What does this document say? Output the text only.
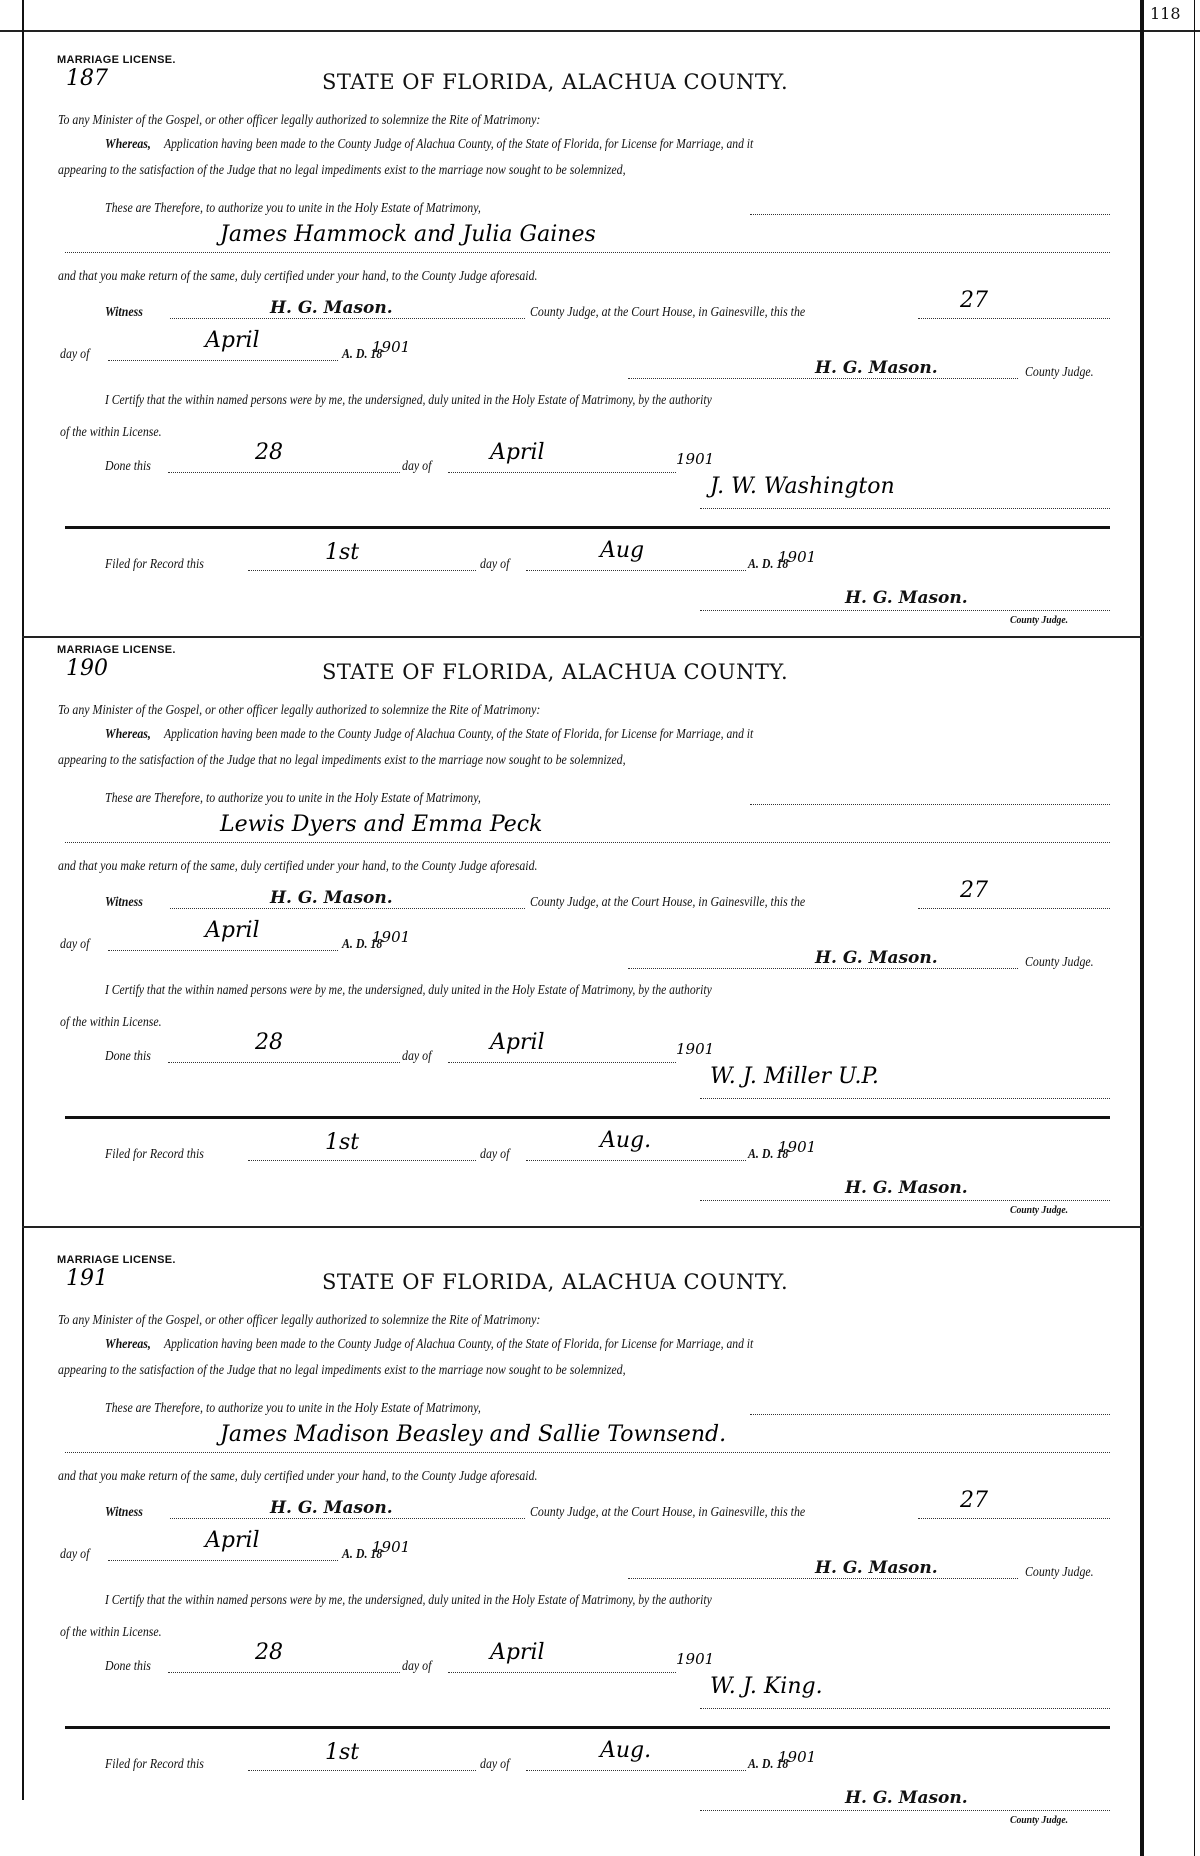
118
MARRIAGE LICENSE.
187	STATE OF FLORIDA, ALACHUA COUNTY.
To any Minister of the Gospel, or other officer legally authorized to solemnize the Rite of Matrimony:
Whereas, Application having been made to the County Judge of Alachua County, of the State of Florida, for License for Marriage, and it
appearing to the satisfaction of the Judge that no legal impediments exist to the marriage now sought to be solemnized,
These are Therefore, to authorize you to unite in the Holy Estate of Matrimony,
James Hammock and Julia Gaines
and that you make return of the same, duly certified under your hand, to the County Judge aforesaid.
Witness	H. G. Mason.	County Judge, at the Court House, in Gainesville, this the	27
day of
April
A. D. 18
1901
H. G. Mason.	County Judge.
I Certify that the within named persons were by me, the undersigned, duly united in the Holy Estate of Matrimony, by the authority
of the within License.
Done this
28
day of
April	1901
J. W. Washington
Filed for Record this	1st	day of
Aug
A. D. 18
1901
H. G. Mason.
County Judge.
MARRIAGE LICENSE.
190	STATE OF FLORIDA, ALACHUA COUNTY.
To any Minister of the Gospel, or other officer legally authorized to solemnize the Rite of Matrimony:
Whereas, Application having been made to the County Judge of Alachua County, of the State of Florida, for License for Marriage, and it
appearing to the satisfaction of the Judge that no legal impediments exist to the marriage now sought to be solemnized,
These are Therefore, to authorize you to unite in the Holy Estate of Matrimony,
Lewis Dyers and Emma Peck
and that you make return of the same, duly certified under your hand, to the County Judge aforesaid.
Witness	H. G. Mason.	County Judge, at the Court House, in Gainesville, this the	27
day of
April
A. D. 18
1901
H. G. Mason.	County Judge.
I Certify that the within named persons were by me, the undersigned, duly united in the Holy Estate of Matrimony, by the authority
of the within License.
Done this
28
day of
April	1901
W. J. Miller U.P.
Filed for Record this	1st	day of
Aug.
A. D. 18
1901
H. G. Mason.
County Judge.
MARRIAGE LICENSE.
191	STATE OF FLORIDA, ALACHUA COUNTY.
To any Minister of the Gospel, or other officer legally authorized to solemnize the Rite of Matrimony:
Whereas, Application having been made to the County Judge of Alachua County, of the State of Florida, for License for Marriage, and it
appearing to the satisfaction of the Judge that no legal impediments exist to the marriage now sought to be solemnized,
These are Therefore, to authorize you to unite in the Holy Estate of Matrimony,
James Madison Beasley and Sallie Townsend.
and that you make return of the same, duly certified under your hand, to the County Judge aforesaid.
Witness	H. G. Mason.	County Judge, at the Court House, in Gainesville, this the	27
day of
April
A. D. 18
1901
H. G. Mason.	County Judge.
I Certify that the within named persons were by me, the undersigned, duly united in the Holy Estate of Matrimony, by the authority
of the within License.
Done this
28
day of
April	1901
W. J. King.
Filed for Record this	1st	day of
Aug.
A. D. 18
1901
H. G. Mason.
County Judge.
